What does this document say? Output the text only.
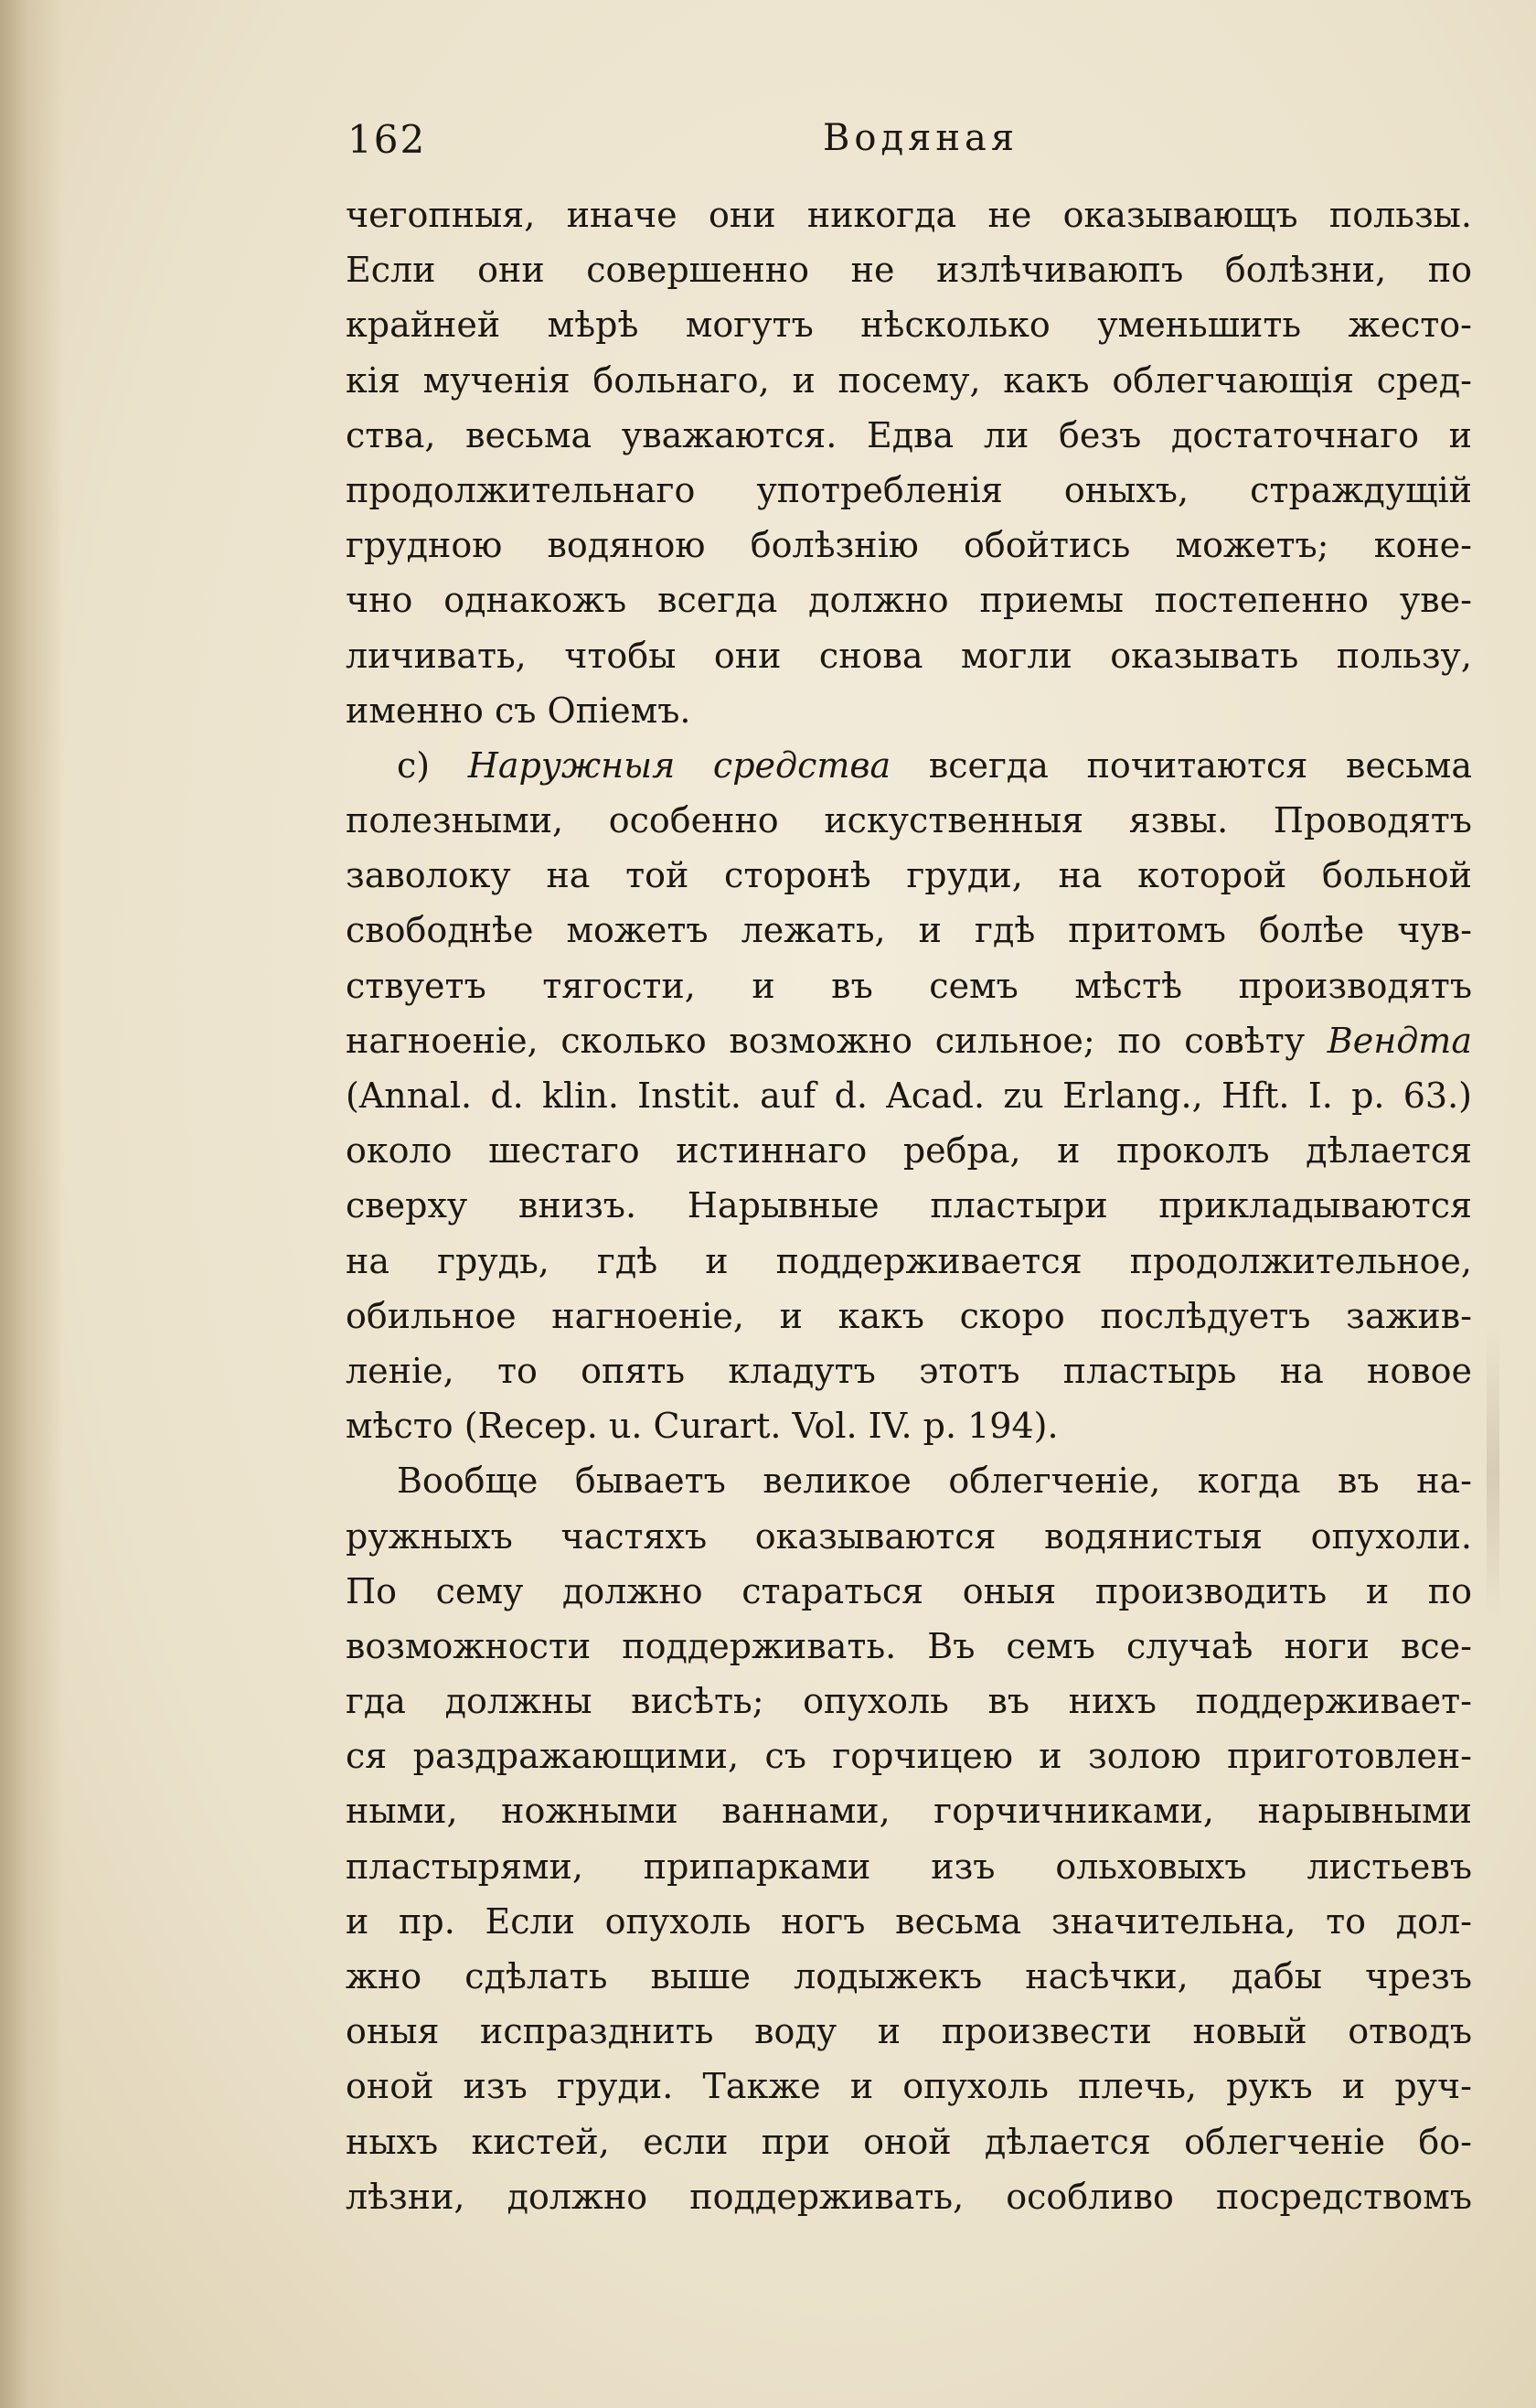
162	Водяная
чегопныя, иначе они никогда не оказывающъ пользы.
Если они совершенно не излѣчиваюпъ болѣзни, по
крайней мѣрѣ могутъ нѣсколько уменьшить жесто-
кія мученія больнаго, и посему, какъ облегчающія сред-
ства, весьма уважаются. Едва ли безъ достаточнаго и
продолжительнаго употребленія оныхъ, страждущій
грудною водяною болѣзнію обойтись можетъ; коне-
чно однакожъ всегда должно приемы постепенно уве-
личивать, чтобы они снова могли оказывать пользу,
именно съ Опіемъ.
c) Наружныя средства всегда почитаются весьма
полезными, особенно искуственныя язвы. Проводятъ
заволоку на той сторонѣ груди, на которой больной
свободнѣе можетъ лежать, и гдѣ притомъ болѣе чув-
ствуетъ тягости, и въ семъ мѣстѣ производятъ
нагноеніе, сколько возможно сильное; по совѣту Вендта
(Annal. d. klin. Instit. auf d. Acad. zu Erlang., Hft. I. p. 63.)
около шестаго истиннаго ребра, и проколъ дѣлается
сверху внизъ. Нарывные пластыри прикладываются
на грудь, гдѣ и поддерживается продолжительное,
обильное нагноеніе, и какъ скоро послѣдуетъ зажив-
леніе, то опять кладутъ этотъ пластырь на новое
мѣсто (Recep. u. Curart. Vol. IV. p. 194).
Вообще бываетъ великое облегченіе, когда въ на-
ружныхъ частяхъ оказываются водянистыя опухоли.
По сему должно стараться оныя производить и по
возможности поддерживать. Въ семъ случаѣ ноги все-
гда должны висѣть; опухоль въ нихъ поддерживает-
ся раздражающими, съ горчицею и золою приготовлен-
ными, ножными ваннами, горчичниками, нарывными
пластырями, припарками изъ ольховыхъ листьевъ
и пр. Если опухоль ногъ весьма значительна, то дол-
жно сдѣлать выше лодыжекъ насѣчки, дабы чрезъ
оныя испразднить воду и произвести новый отводъ
оной изъ груди. Также и опухоль плечь, рукъ и руч-
ныхъ кистей, если при оной дѣлается облегченіе бо-
лѣзни, должно поддерживать, особливо посредствомъ
